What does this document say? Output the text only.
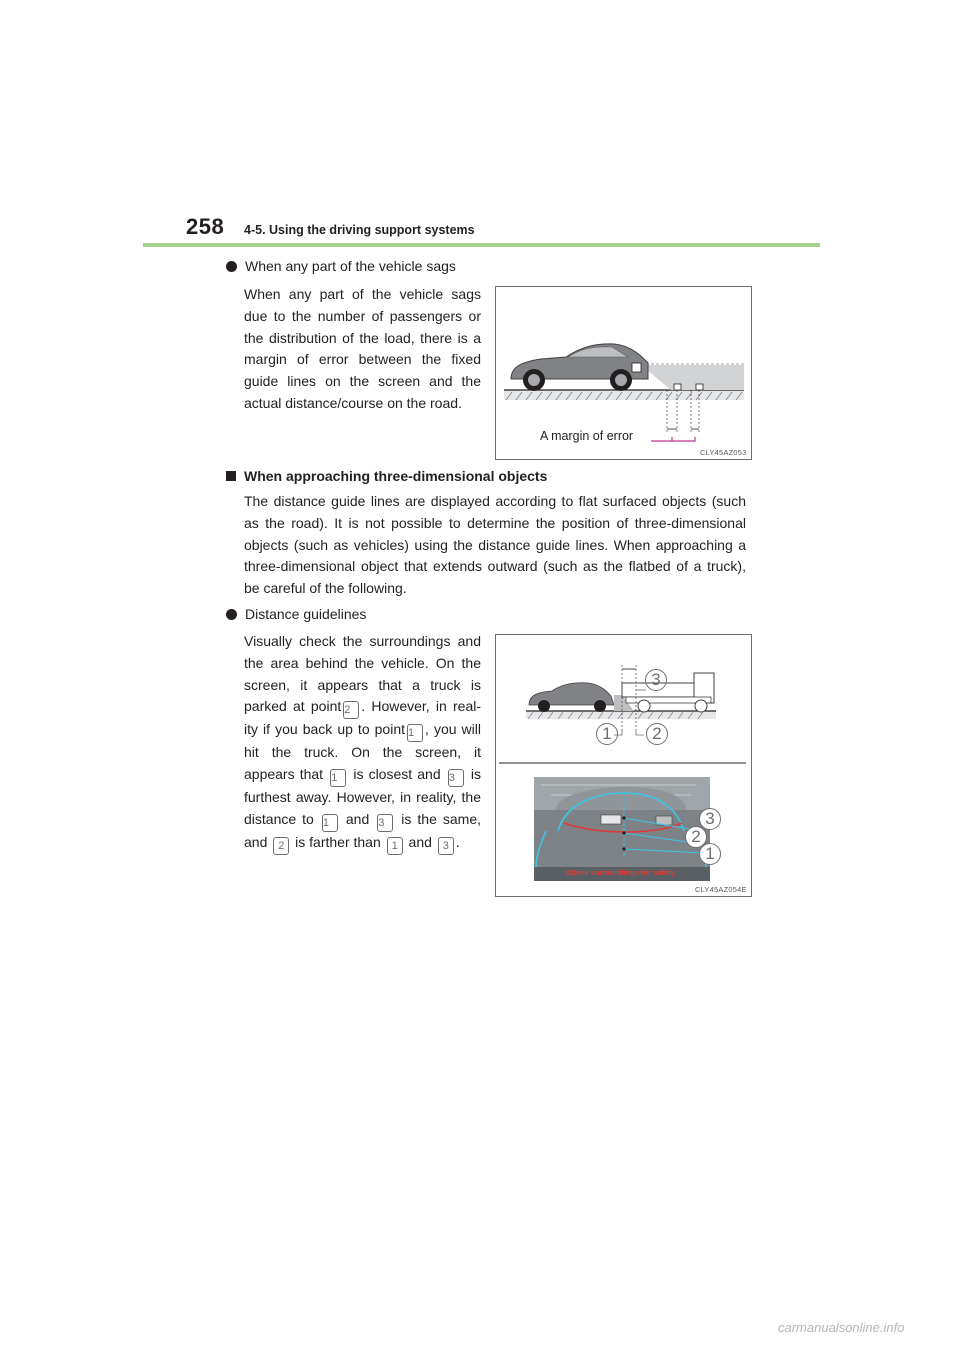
258 4-5. Using the driving support systems
When any part of the vehicle sags
When any part of the vehicle sags
due to the number of passengers or
the distribution of the load, there is a
margin of error between the fixed
guide lines on the screen and the
actual distance/course on the road.
A margin of error
CLY45AZ053
When approaching three-dimensional objects
The distance guide lines are displayed according to flat surfaced objects (such
as the road). It is not possible to determine the position of three-dimensional
objects (such as vehicles) using the distance guide lines. When approaching a
three-dimensional object that extends outward (such as the flatbed of a truck),
be careful of the following.
Distance guidelines
Visually check the surroundings and
the area behind the vehicle. On the
screen, it appears that a truck is
parked at point 2 . However, in real-
ity if you back up to point 1 , you will
hit the truck. On the screen, it
appears that 1 is closest and 3 is
furthest away. However, in reality, the
distance to 1 and 3 is the same,
and 2 is farther than 1 and 3 .
3
1	2
3
2
1
Check surroundings for safety.
CLY45AZ054E
carmanualsonline.info
